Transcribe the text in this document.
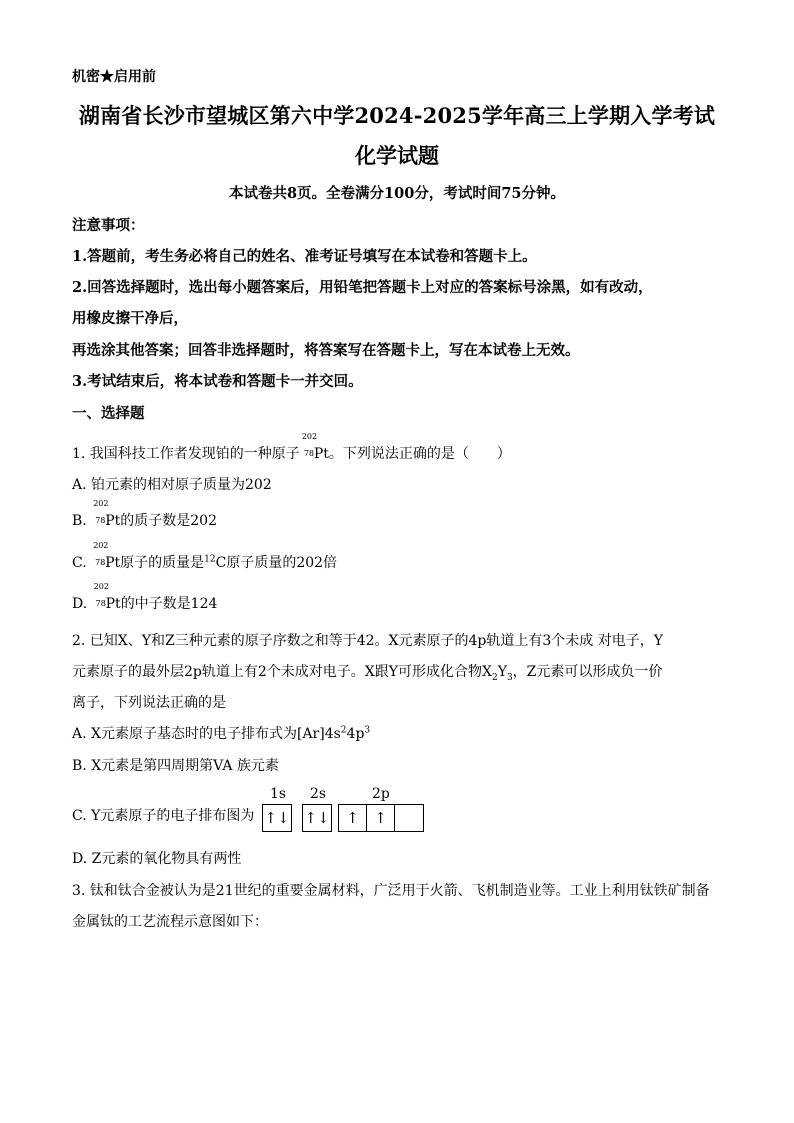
机密★启用前
湖南省长沙市望城区第六中学2024-2025学年高三上学期入学考试
化学试题
本试卷共8页。全卷满分100分，考试时间75分钟。
注意事项：
1.答题前，考生务必将自己的姓名、准考证号填写在本试卷和答题卡上。
2.回答选择题时，选出每小题答案后，用铅笔把答题卡上对应的答案标号涂黑，如有改动，
用橡皮擦干净后，
再选涂其他答案；回答非选择题时，将答案写在答题卡上，写在本试卷上无效。
3.考试结束后，将本试卷和答题卡一并交回。
一、选择题
1. 我国科技工作者发现铂的一种原子
202
78 Pt。下列说法正确的是（　　）
A. 铂元素的相对原子质量为202
B.
202
78 Pt的质子数是202
C.
202
78 Pt原子的质量是$^{12}$C原子质量的202倍
D.
202
78 Pt的中子数是124
2. 已知X、Y和Z三种元素的原子序数之和等于42。X元素原子的4p轨道上有3个未成 对电子，Y
元素原子的最外层2p轨道上有2个未成对电子。X跟Y可形成化合物$X_2Y_3$，Z元素可以形成负一价
离子，下列说法正确的是
A. X元素原子基态时的电子排布式为$[Ar]4s^24p^3$
B. X元素是第四周期第VA 族元素
C. Y元素原子的电子排布图为
1s 2s	2p
↑↓ ↑↓	↑	↑
D. Z元素的氧化物具有两性
3. 钛和钛合金被认为是21世纪的重要金属材料，广泛用于火箭、飞机制造业等。工业上利用钛铁矿制备
金属钛的工艺流程示意图如下：
